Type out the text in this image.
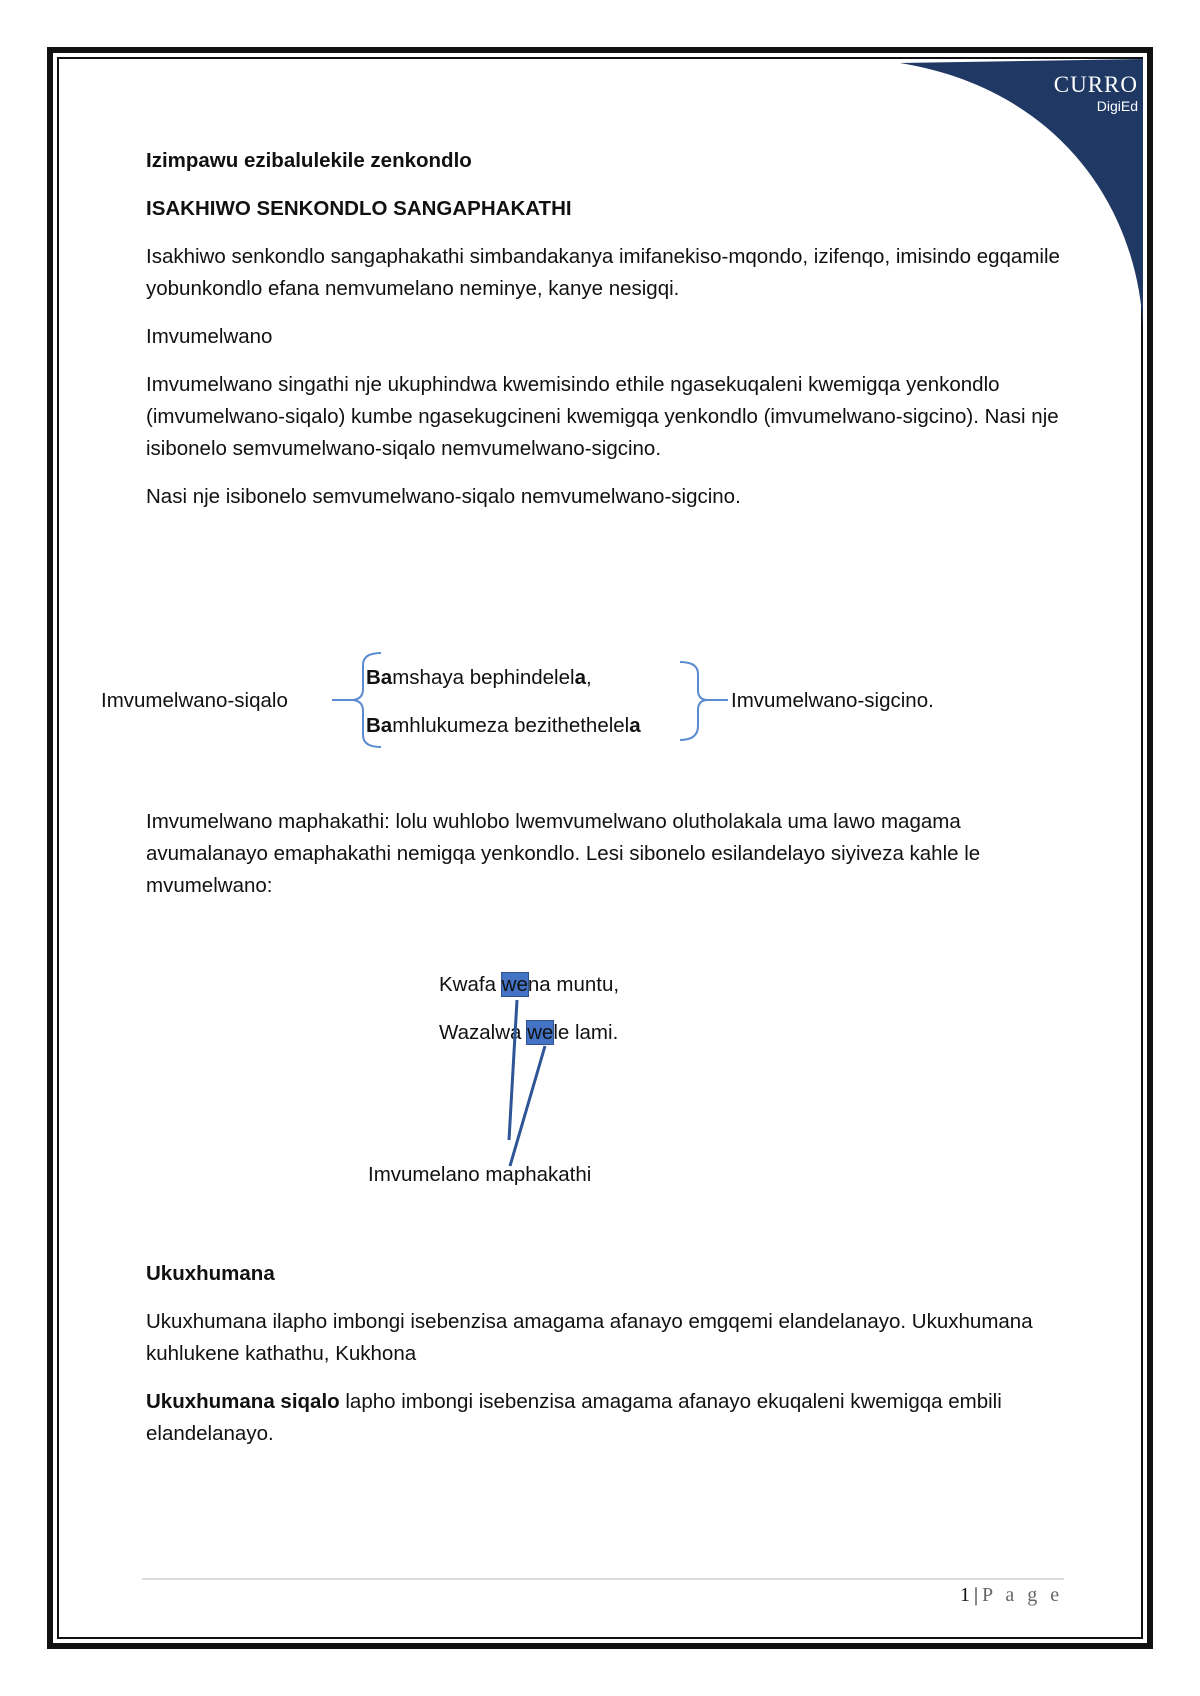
CURRO
DigiEd

Izimpawu ezibalulekile zenkondlo

ISAKHIWO SENKONDLO SANGAPHAKATHI

Isakhiwo senkondlo sangaphakathi simbandakanya imifanekiso-mqondo, izifenqo, imisindo egqamile yobunkondlo efana nemvumelano neminye, kanye nesigqi.

Imvumelwano

Imvumelwano singathi nje ukuphindwa kwemisindo ethile ngasekuqaleni kwemigqa yenkondlo (imvumelwano-siqalo) kumbe ngasekugcineni kwemigqa yenkondlo (imvumelwano-sigcino). Nasi nje isibonelo semvumelwano-siqalo nemvumelwano-sigcino.

Nasi nje isibonelo semvumelwano-siqalo nemvumelwano-sigcino.

Imvumelwano-siqalo
Bamshaya bephindelela,
Bamhlukumeza bezithethelela
Imvumelwano-sigcino.

Imvumelwano maphakathi: lolu wuhlobo lwemvumelwano olutholakala uma lawo magama avumalanayo emaphakathi nemigqa yenkondlo. Lesi sibonelo esilandelayo siyiveza kahle le mvumelwano:

Kwafa wena muntu,
Wazalwa wele lami.
Imvumelano maphakathi

Ukuxhumana

Ukuxhumana ilapho imbongi isebenzisa amagama afanayo emgqemi elandelanayo. Ukuxhumana kuhlukene kathathu, Kukhona

Ukuxhumana siqalo lapho imbongi isebenzisa amagama afanayo ekuqaleni kwemigqa embili elandelanayo.

1 | P a g e
